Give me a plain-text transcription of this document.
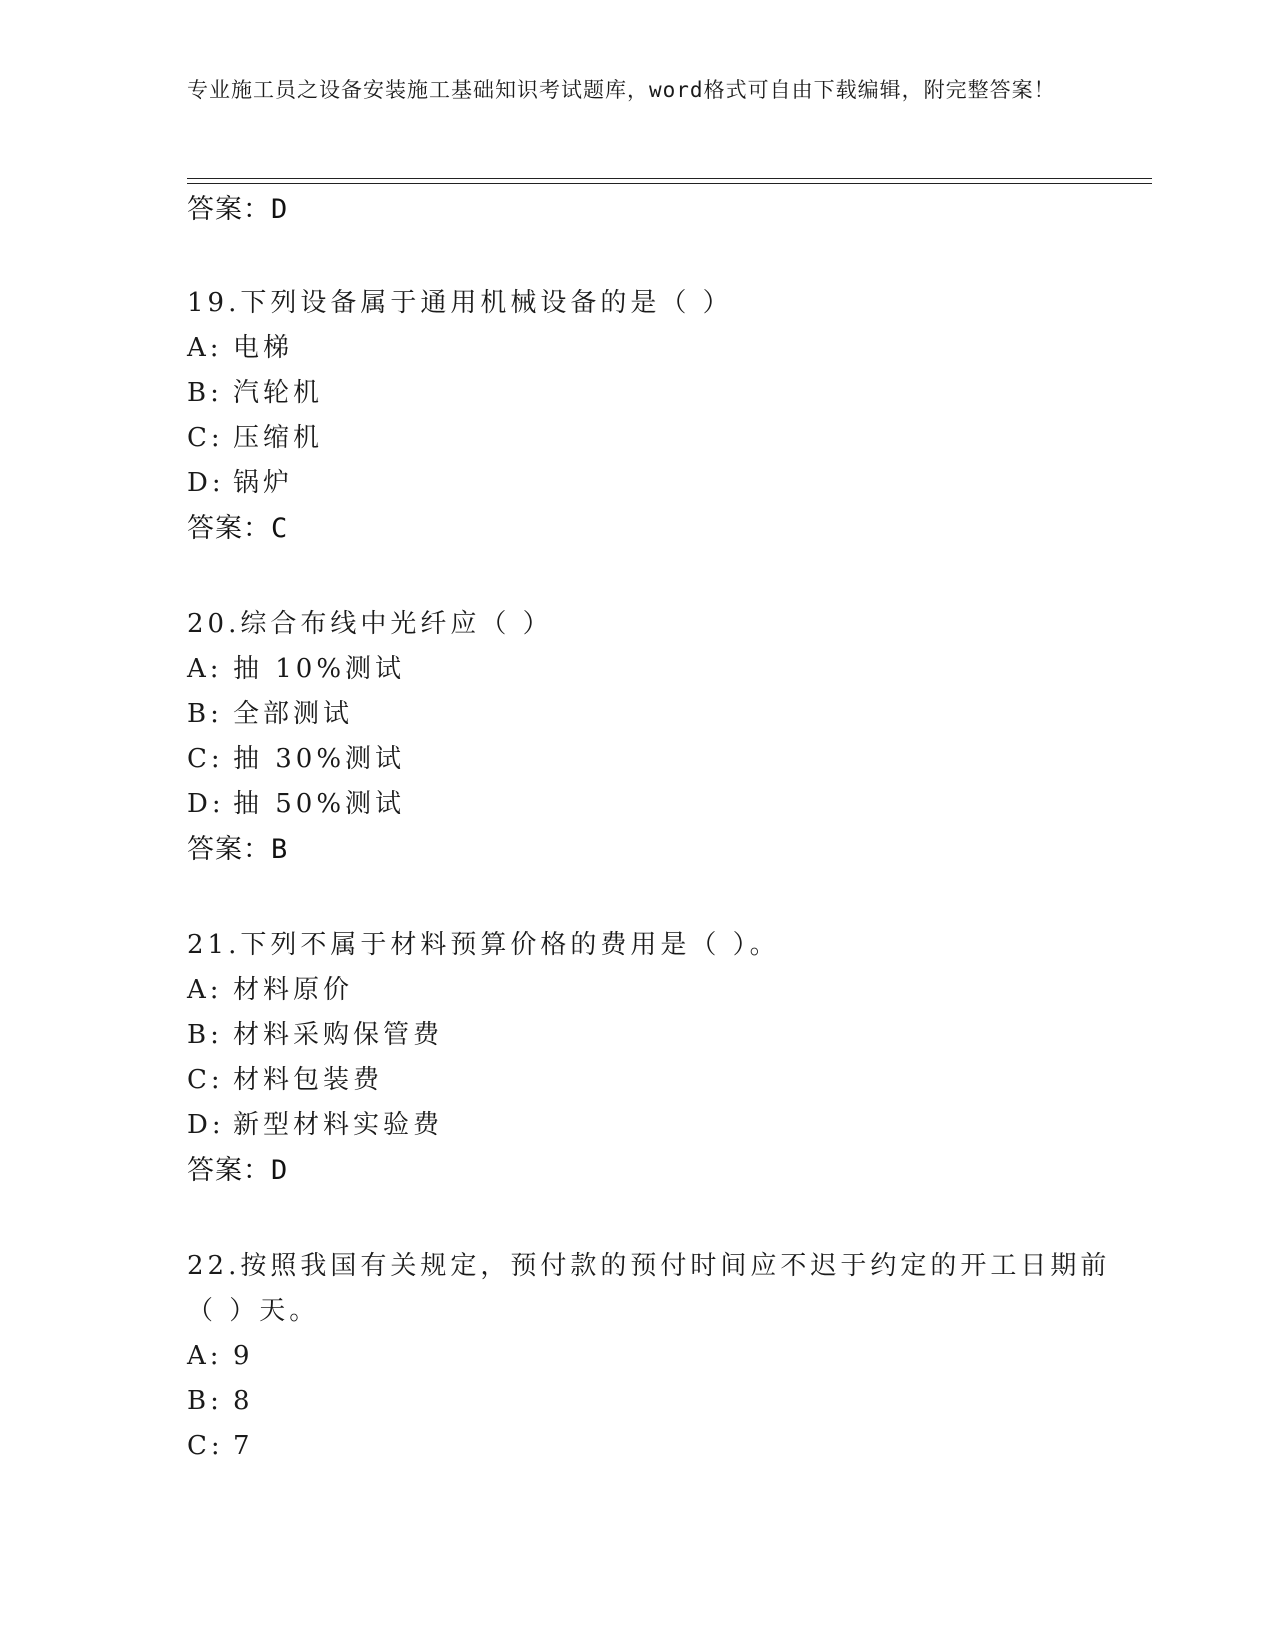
专业施工员之设备安装施工基础知识考试题库，word格式可自由下载编辑，附完整答案！
答案：D
19.下列设备属于通用机械设备的是（ ）
A: 电梯
B: 汽轮机
C: 压缩机
D: 锅炉
答案：C
20.综合布线中光纤应（ ）
A: 抽 10%测试
B: 全部测试
C: 抽 30%测试
D: 抽 50%测试
答案：B
21.下列不属于材料预算价格的费用是（ ）。
A: 材料原价
B: 材料采购保管费
C: 材料包装费
D: 新型材料实验费
答案：D
22.按照我国有关规定，预付款的预付时间应不迟于约定的开工日期前（ ）天。
A: 9
B: 8
C: 7
